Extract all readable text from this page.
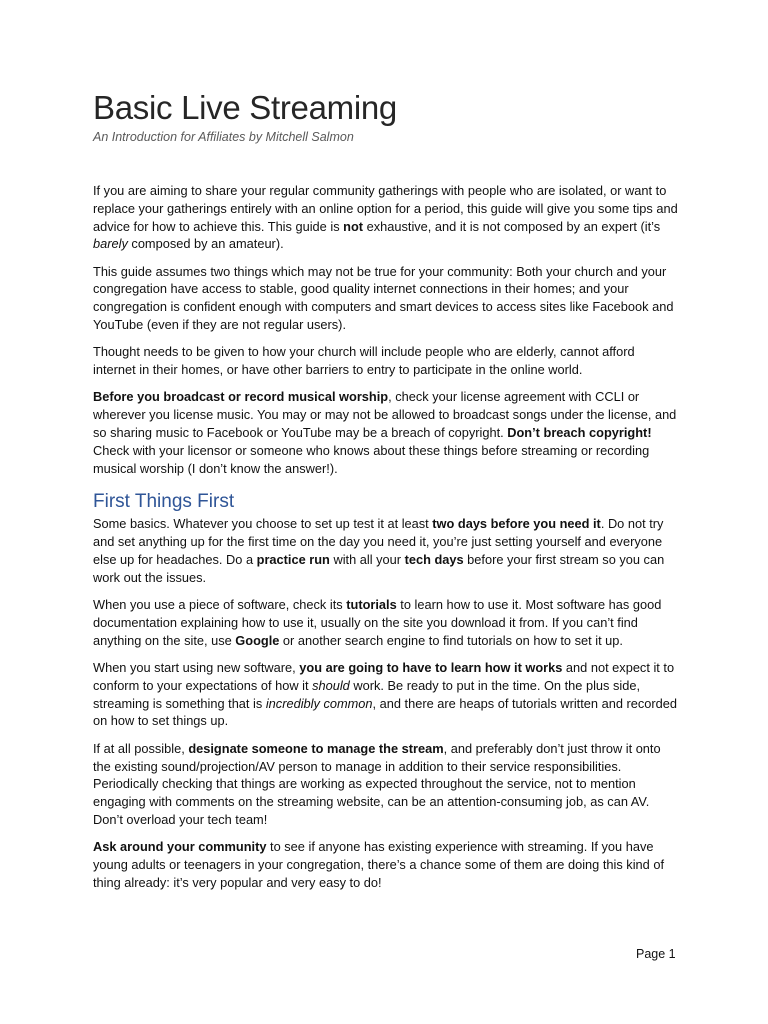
Basic Live Streaming
An Introduction for Affiliates by Mitchell Salmon

If you are aiming to share your regular community gatherings with people who are isolated, or want to replace your gatherings entirely with an online option for a period, this guide will give you some tips and advice for how to achieve this. This guide is not exhaustive, and it is not composed by an expert (it’s barely composed by an amateur).

This guide assumes two things which may not be true for your community: Both your church and your congregation have access to stable, good quality internet connections in their homes; and your congregation is confident enough with computers and smart devices to access sites like Facebook and YouTube (even if they are not regular users).

Thought needs to be given to how your church will include people who are elderly, cannot afford internet in their homes, or have other barriers to entry to participate in the online world.

Before you broadcast or record musical worship, check your license agreement with CCLI or wherever you license music. You may or may not be allowed to broadcast songs under the license, and so sharing music to Facebook or YouTube may be a breach of copyright. Don’t breach copyright! Check with your licensor or someone who knows about these things before streaming or recording musical worship (I don’t know the answer!).

First Things First

Some basics. Whatever you choose to set up test it at least two days before you need it. Do not try and set anything up for the first time on the day you need it, you’re just setting yourself and everyone else up for headaches. Do a practice run with all your tech days before your first stream so you can work out the issues.

When you use a piece of software, check its tutorials to learn how to use it. Most software has good documentation explaining how to use it, usually on the site you download it from. If you can’t find anything on the site, use Google or another search engine to find tutorials on how to set it up.

When you start using new software, you are going to have to learn how it works and not expect it to conform to your expectations of how it should work. Be ready to put in the time. On the plus side, streaming is something that is incredibly common, and there are heaps of tutorials written and recorded on how to set things up.

If at all possible, designate someone to manage the stream, and preferably don’t just throw it onto the existing sound/projection/AV person to manage in addition to their service responsibilities. Periodically checking that things are working as expected throughout the service, not to mention engaging with comments on the streaming website, can be an attention-consuming job, as can AV. Don’t overload your tech team!

Ask around your community to see if anyone has existing experience with streaming. If you have young adults or teenagers in your congregation, there’s a chance some of them are doing this kind of thing already: it’s very popular and very easy to do!

Page 1
